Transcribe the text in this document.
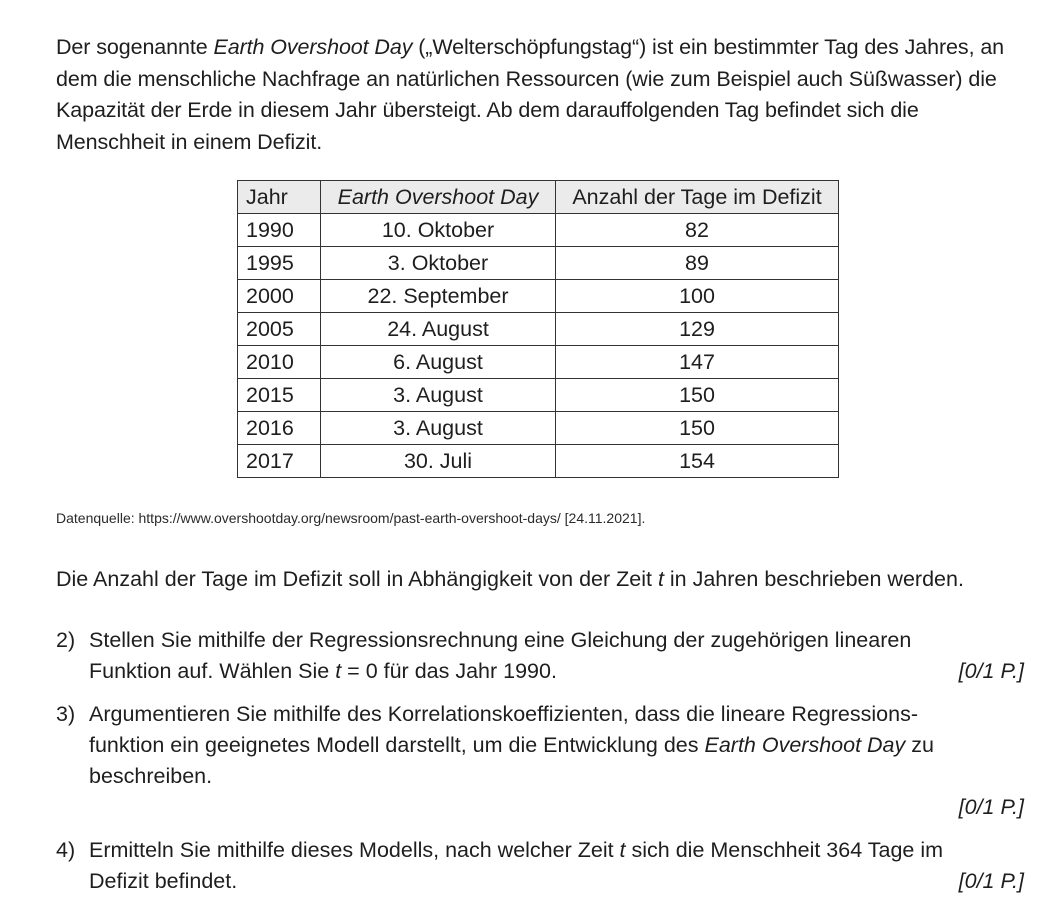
Der sogenannte Earth Overshoot Day („Welterschöpfungstag“) ist ein bestimmter Tag des Jahres, an dem die menschliche Nachfrage an natürlichen Ressourcen (wie zum Beispiel auch Süßwasser) die Kapazität der Erde in diesem Jahr übersteigt. Ab dem darauffolgenden Tag befindet sich die Menschheit in einem Defizit.

Jahr	Earth Overshoot Day	Anzahl der Tage im Defizit
1990	10. Oktober	82
1995	3. Oktober	89
2000	22. September	100
2005	24. August	129
2010	6. August	147
2015	3. August	150
2016	3. August	150
2017	30. Juli	154
Datenquelle: https://www.overshootday.org/newsroom/past-earth-overshoot-days/ [24.11.2021].
Die Anzahl der Tage im Defizit soll in Abhängigkeit von der Zeit t in Jahren beschrieben werden.
2) Stellen Sie mithilfe der Regressionsrechnung eine Gleichung der zugehörigen linearen
Funktion auf. Wählen Sie t = 0 für das Jahr 1990.	[0/1 P.]
3) Argumentieren Sie mithilfe des Korrelationskoeffizienten, dass die lineare Regressions-
funktion ein geeignetes Modell darstellt, um die Entwicklung des Earth Overshoot Day zu
beschreiben.
[0/1 P.]
4) Ermitteln Sie mithilfe dieses Modells, nach welcher Zeit t sich die Menschheit 364 Tage im
Defizit befindet.	[0/1 P.]
